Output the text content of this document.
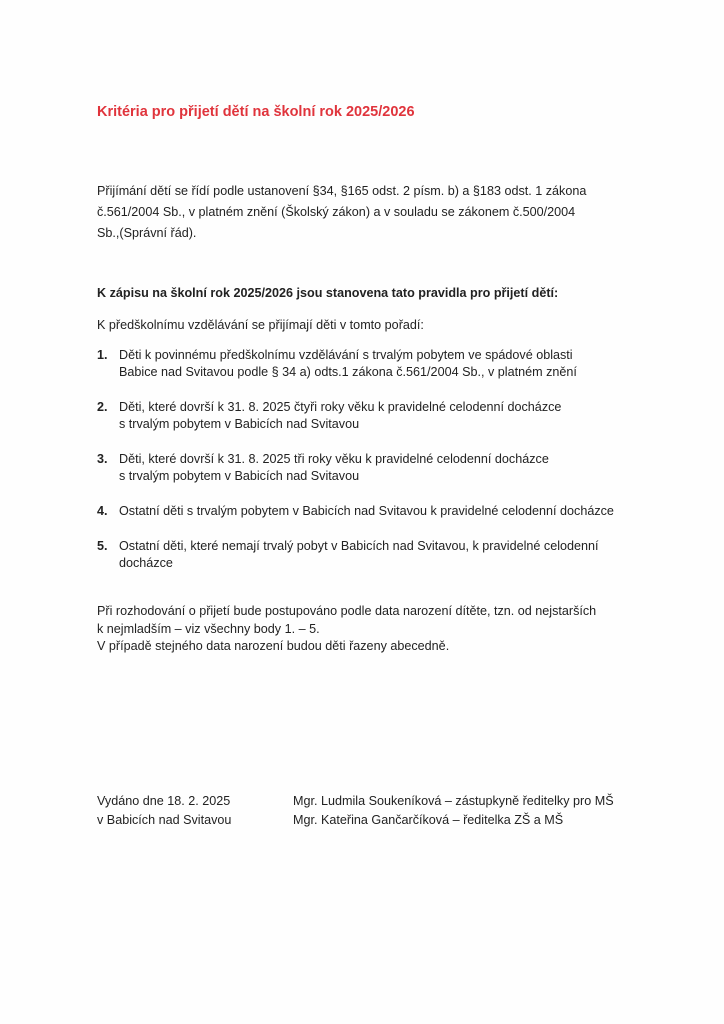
Kritéria pro přijetí dětí na školní rok 2025/2026

Přijímání dětí se řídí podle ustanovení §34, §165 odst. 2 písm. b) a §183 odst. 1 zákona

č.561/2004 Sb., v platném znění (Školský zákon) a v souladu se zákonem č.500/2004

Sb.,(Správní řád).

K zápisu na školní rok 2025/2026 jsou stanovena tato pravidla pro přijetí dětí:
K předškolnímu vzdělávání se přijímají děti v tomto pořadí:
1. Děti k povinnému předškolnímu vzdělávání s trvalým pobytem ve spádové oblasti
Babice nad Svitavou podle § 34 a) odts.1 zákona č.561/2004 Sb., v platném znění
2. Děti, které dovrší k 31. 8. 2025 čtyři roky věku k pravidelné celodenní docházce
s trvalým pobytem v Babicích nad Svitavou
3. Děti, které dovrší k 31. 8. 2025 tři roky věku k pravidelné celodenní docházce
s trvalým pobytem v Babicích nad Svitavou
4. Ostatní děti s trvalým pobytem v Babicích nad Svitavou k pravidelné celodenní docházce
5. Ostatní děti, které nemají trvalý pobyt v Babicích nad Svitavou, k pravidelné celodenní
docházce
Při rozhodování o přijetí bude postupováno podle data narození dítěte, tzn. od nejstarších
k nejmladším – viz všechny body 1. – 5.
V případě stejného data narození budou děti řazeny abecedně.
Vydáno dne 18. 2. 2025
v Babicích nad Svitavou
Mgr. Ludmila Soukeníková – zástupkyně ředitelky pro MŠ
Mgr. Kateřina Gančarčíková – ředitelka ZŠ a MŠ
